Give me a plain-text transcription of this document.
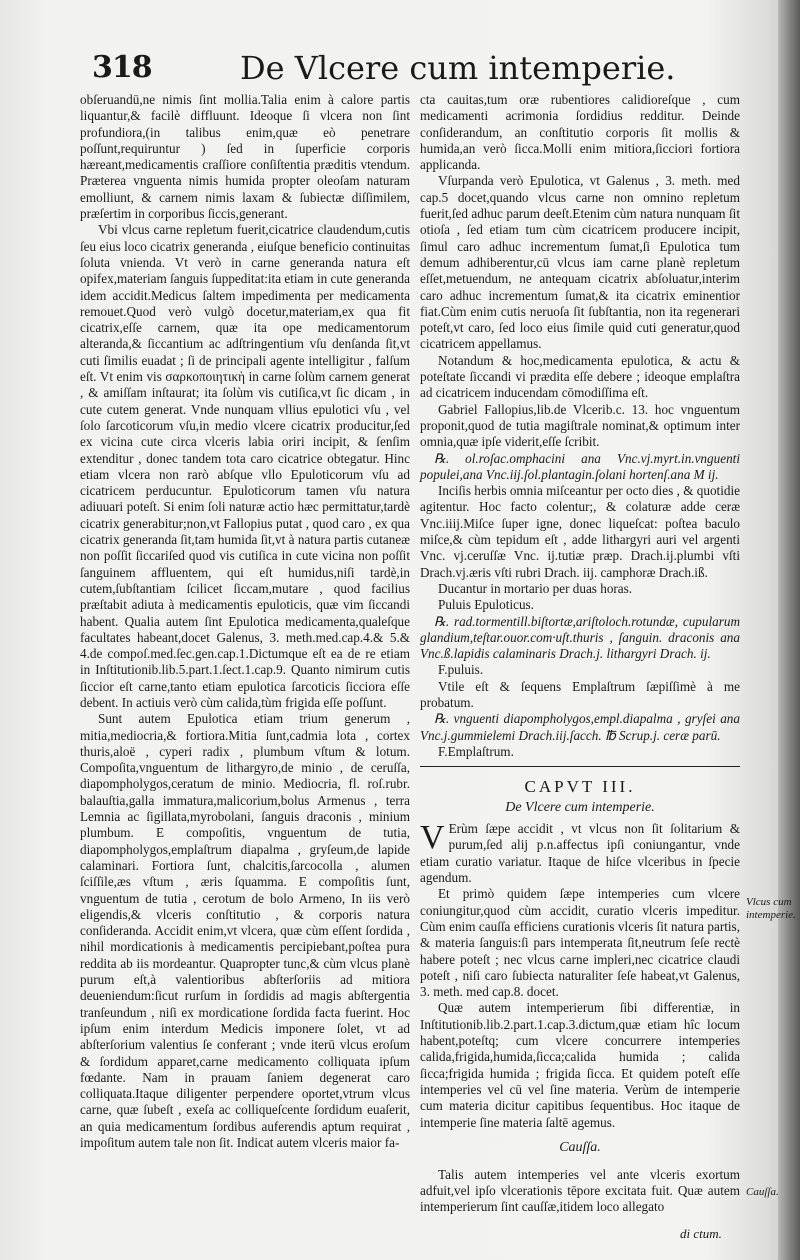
318	De Vlcere cum intemperie.

obſeruandū,ne nimis ſint mollia.Talia enim à calore partis liquantur,& facilè diffluunt. Ideoque ſi vlcera non ſint profundiora,(in talibus enim,quæ eò penetrare poſſunt,requiruntur ) ſed in ſuperficie corporis hæreant,medicamentis craſſiore conſiſtentia præditis vtendum. Præterea vnguenta nimis humida propter oleoſam naturam emolliunt, & carnem nimis laxam & ſubiectæ diſſimilem, præſertim in corporibus ſiccis,generant.

Vbi vlcus carne repletum fuerit,cicatrice claudendum,cutis ſeu eius loco cicatrix generanda , eiuſque beneficio continuitas ſoluta vnienda. Vt verò in carne generanda natura eſt opifex,materiam ſanguis ſuppeditat:ita etiam in cute generanda idem accidit.Medicus ſaltem impedimenta per medicamenta remouet.Quod verò vulgò docetur,materiam,ex qua fit cicatrix,eſſe carnem, quæ ita ope medicamentorum alteranda,& ſiccantium ac adſtringentium vſu denſanda ſit,vt cuti ſimilis euadat ; ſi de principali agente intelligitur , falſum eſt. Vt enim vis σαρκοποιητικὴ in carne ſolùm carnem generat , & amiſſam inſtaurat; ita ſolùm vis cutiſica,vt ſic dicam , in cute cutem generat. Vnde nunquam vllius epulotici vſu , vel ſolo ſarcoticorum vſu,in medio vlcere cicatrix producitur,ſed ex vicina cute circa vlceris labia oriri incipit, & ſenſim extenditur , donec tandem tota caro cicatrice obtegatur. Hinc etiam vlcera non rarò abſque vllo Epuloticorum vſu ad cicatricem perducuntur. Epuloticorum tamen vſu natura adiuuari poteſt. Si enim ſoli naturæ actio hæc permittatur,tardè cicatrix generabitur;non,vt Fallopius putat , quod caro , ex qua cicatrix generanda ſit,tam humida ſit,vt à natura partis cutaneæ non poſſit ſiccariſed quod vis cutiſica in cute vicina non poſſit ſanguinem affluentem, qui eſt humidus,niſi tardè,in cutem,ſubſtantiam ſcilicet ſiccam,mutare , quod facilius præſtabit adiuta à medicamentis epuloticis, quæ vim ſiccandi habent. Qualia autem ſint Epulotica medicamenta,qualeſque facultates habeant,docet Galenus, 3. meth.med.cap.4.& 5.& 4.de compoſ.med.ſec.gen.cap.1.Dictumque eſt ea de re etiam in Inſtitutionib.lib.5.part.1.ſect.1.cap.9. Quanto nimirum cutis ſiccior eſt carne,tanto etiam epulotica ſarcoticis ſicciora eſſe debent. In actiuis verò cùm calida,tùm frigida eſſe poſſunt.

Sunt autem Epulotica etiam trium generum , mitia,mediocria,& fortiora.Mitia ſunt,cadmia lota , cortex thuris,aloë , cyperi radix , plumbum vſtum & lotum. Compoſita,vnguentum de lithargyro,de minio , de ceruſſa, diapompholygos,ceratum de minio. Mediocria, fl. roſ.rubr. balauſtia,galla immatura,malicorium,bolus Armenus , terra Lemnia ac ſigillata,myrobolani, ſanguis draconis , minium plumbum. E compoſitis, vnguentum de tutia, diapompholygos,emplaſtrum diapalma , gryſeum,de lapide calaminari. Fortiora ſunt, chalcitis,ſarcocolla , alumen ſciſſile,æs vſtum , æris ſquamma. E compoſitis ſunt, vnguentum de tutia , cerotum de bolo Armeno, In iis verò eligendis,& vlceris conſtitutio , & corporis natura conſideranda. Accidit enim,vt vlcera, quæ cùm eſſent ſordida , nihil mordicationis à medicamentis percipiebant,poſtea pura reddita ab iis mordeantur. Quapropter tunc,& cùm vlcus planè purum eſt,à valentioribus abſterſoriis ad mitiora deueniendum:ſicut rurſum in ſordidis ad magis abſtergentia tranſeundum , niſi ex mordicatione ſordida facta fuerint. Hoc ipſum enim interdum Medicis imponere ſolet, vt ad abſterſorium valentius ſe conferant ; vnde iterū vlcus eroſum & ſordidum apparet,carne medicamento colliquata ipſum fœdante. Nam in prauam ſaniem degenerat caro colliquata.Itaque diligenter perpendere oportet,vtrum vlcus carne, quæ ſubeſt , exeſa ac colliqueſcente ſordidum euaſerit, an quia medicamentum ſordibus auferendis aptum requirat , impoſitum autem tale non ſit. Indicat autem vlceris maior fa-

cta cauitas,tum oræ rubentiores calidioreſque , cum medicamenti acrimonia ſordidius redditur. Deinde conſiderandum, an conſtitutio corporis ſit mollis & humida,an verò ſicca.Molli enim mitiora,ſicciori fortiora applicanda.

Vſurpanda verò Epulotica, vt Galenus , 3. meth. med cap.5 docet,quando vlcus carne non omnino repletum fuerit,ſed adhuc parum deeſt.Etenim cùm natura nunquam ſit otioſa , ſed etiam tum cùm cicatricem producere incipit, ſimul caro adhuc incrementum ſumat,ſi Epulotica tum demum adhiberentur,cū vlcus iam carne planè repletum eſſet,metuendum, ne antequam cicatrix abſoluatur,interim caro adhuc incrementum ſumat,& ita cicatrix eminentior fiat.Cùm enim cutis neruoſa ſit ſubſtantia, non ita regenerari poteſt,vt caro, ſed loco eius ſimile quid cuti generatur,quod cicatricem appellamus.

Notandum & hoc,medicamenta epulotica, & actu & poteſtate ſiccandi vi prædita eſſe debere ; ideoque emplaſtra ad cicatricem inducendam cōmodiſſima eſt.

Gabriel Fallopius,lib.de Vlcerib.c. 13. hoc vnguentum proponit,quod de tutia magiſtrale nominat,& optimum inter omnia,quæ ipſe viderit,eſſe ſcribit.

℞. ol.roſac.omphacini ana Vnc.vj.myrt.in.vnguenti populei,ana Vnc.iij.ſol.plantagin.ſolani hortenſ.ana M ij.

Inciſis herbis omnia miſceantur per octo dies , & quotidie agitentur. Hoc facto colentur;, & colaturæ adde ceræ Vnc.iiij.Miſce ſuper igne, donec liqueſcat: poſtea baculo miſce,& cùm tepidum eſt , adde lithargyri auri vel argenti Vnc. vj.ceruſſæ Vnc. ij.tutiæ præp. Drach.ij.plumbi vſti Drach.vj.æris vſti rubri Drach. iij. camphoræ Drach.iß.

Ducantur in mortario per duas horas.

Puluis Epuloticus.

℞. rad.tormentill.biſtortæ,ariſtoloch.rotundæ, cupularum glandium,teſtar.ouor.com·uſt.thuris , ſanguin. draconis ana Vnc.ß.lapidis calaminaris Drach.j. lithargyri Drach. ij.

F.puluis.

Vtile eſt & ſequens Emplaſtrum ſæpiſſimè à me probatum.

℞. vnguenti diapompholygos,empl.diapalma , gryſei ana Vnc.j.gummielemi Drach.iij.ſacch. ℔ Scrup.j. ceræ parū.

F.Emplaſtrum.

CAPVT III.
De Vlcere cum intemperie.

V Erùm ſæpe accidit , vt vlcus non ſit ſolitarium & purum,ſed alij p.n.affectus ipſi coniungantur, vnde etiam curatio variatur. Itaque de hiſce vlceribus in ſpecie agendum.

Et primò quidem ſæpe intemperies cum vlcere coniungitur,quod cùm accidit, curatio vlceris impeditur. Cùm enim cauſſa efficiens curationis vlceris ſit natura partis, & materia ſanguis:ſi pars intemperata ſit,neutrum ſeſe rectè habere poteſt ; nec vlcus carne impleri,nec cicatrice claudi poteſt , niſi caro ſubiecta naturaliter ſeſe habeat,vt Galenus, 3. meth. med cap.8. docet.

Quæ autem intemperierum ſibi differentiæ, in Inſtitutionib.lib.2.part.1.cap.3.dictum,quæ etiam hîc locum habent,poteſtq; cum vlcere concurrere intemperies calida,frigida,humida,ſicca;calida humida ; calida ſicca;frigida humida ; frigida ſicca. Et quidem poteſt eſſe intemperies vel cū vel ſine materia. Verùm de intemperie cum materia dicitur capitibus ſequentibus. Hoc itaque de intemperie ſine materia ſaltē agemus.

Cauſſa.

Talis autem intemperies vel ante vlceris exortum adfuit,vel ipſo vlcerationis tēpore excitata fuit. Quæ autem intemperierum ſint cauſſæ,itidem loco allegato

Vlcus cum intemperie.
Cauſſa.
di ctum.
